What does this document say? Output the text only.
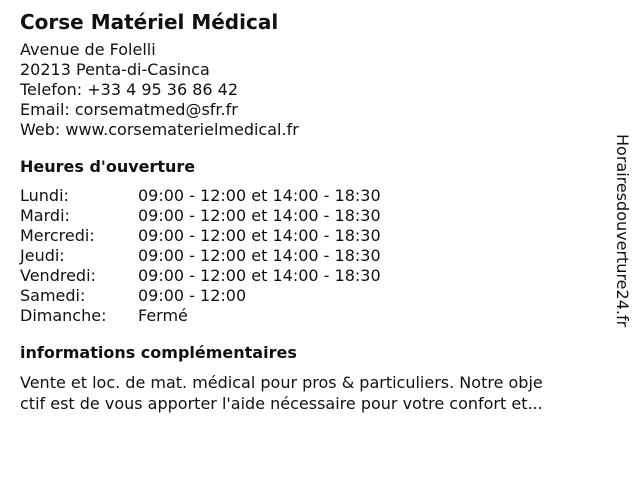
Corse Matériel Médical
Avenue de Folelli
20213 Penta-di-Casinca
Telefon: +33 4 95 36 86 42
Email: corsematmed@sfr.fr
Web: www.corsematerielmedical.fr
Heures d'ouverture
Lundi:	09:00 - 12:00 et 14:00 - 18:30
Mardi:	09:00 - 12:00 et 14:00 - 18:30
Mercredi:	09:00 - 12:00 et 14:00 - 18:30
Jeudi:	09:00 - 12:00 et 14:00 - 18:30
Vendredi:	09:00 - 12:00 et 14:00 - 18:30
Samedi:	09:00 - 12:00
Dimanche:	Fermé
informations complémentaires
Vente et loc. de mat. médical pour pros & particuliers. Notre obje
ctif est de vous apporter l'aide nécessaire pour votre confort et...
Horairesdouverture24.fr
